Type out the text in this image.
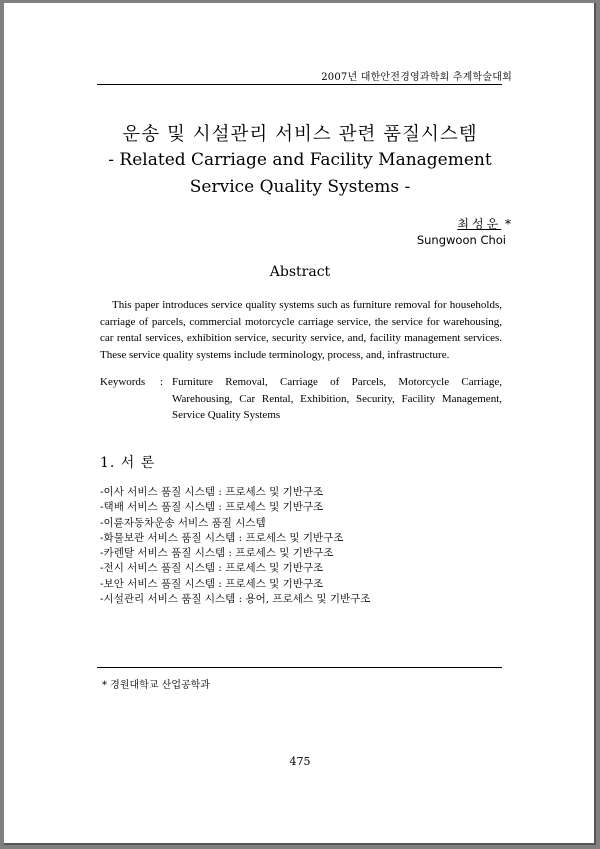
2007년 대한안전경영과학회 추계학술대회
운송 및 시설관리 서비스 관련 품질시스템
- Related Carriage and Facility Management
Service Quality Systems -
최성운 *
Sungwoon Choi
Abstract

This paper introduces service quality systems such as furniture removal for households, carriage of parcels, commercial motorcycle carriage service, the service for warehousing, car rental services, exhibition service, security service, and, facility management services. These service quality systems include terminology, process, and, infrastructure.

Keywords : Furniture Removal, Carriage of Parcels, Motorcycle Carriage, Warehousing, Car Rental, Exhibition, Security, Facility Management, Service Quality Systems
1. 서 론
-이사 서비스 품질 시스템 : 프로세스 및 기반구조
-택배 서비스 품질 시스템 : 프로세스 및 기반구조
-이륜자동차운송 서비스 품질 시스템
-화물보관 서비스 품질 시스템 : 프로세스 및 기반구조
-카렌탈 서비스 품질 시스템 : 프로세스 및 기반구조
-전시 서비스 품질 시스템 : 프로세스 및 기반구조
-보안 서비스 품질 시스템 : 프로세스 및 기반구조
-시설관리 서비스 품질 시스템 : 용어, 프로세스 및 기반구조
* 경원대학교 산업공학과
475
